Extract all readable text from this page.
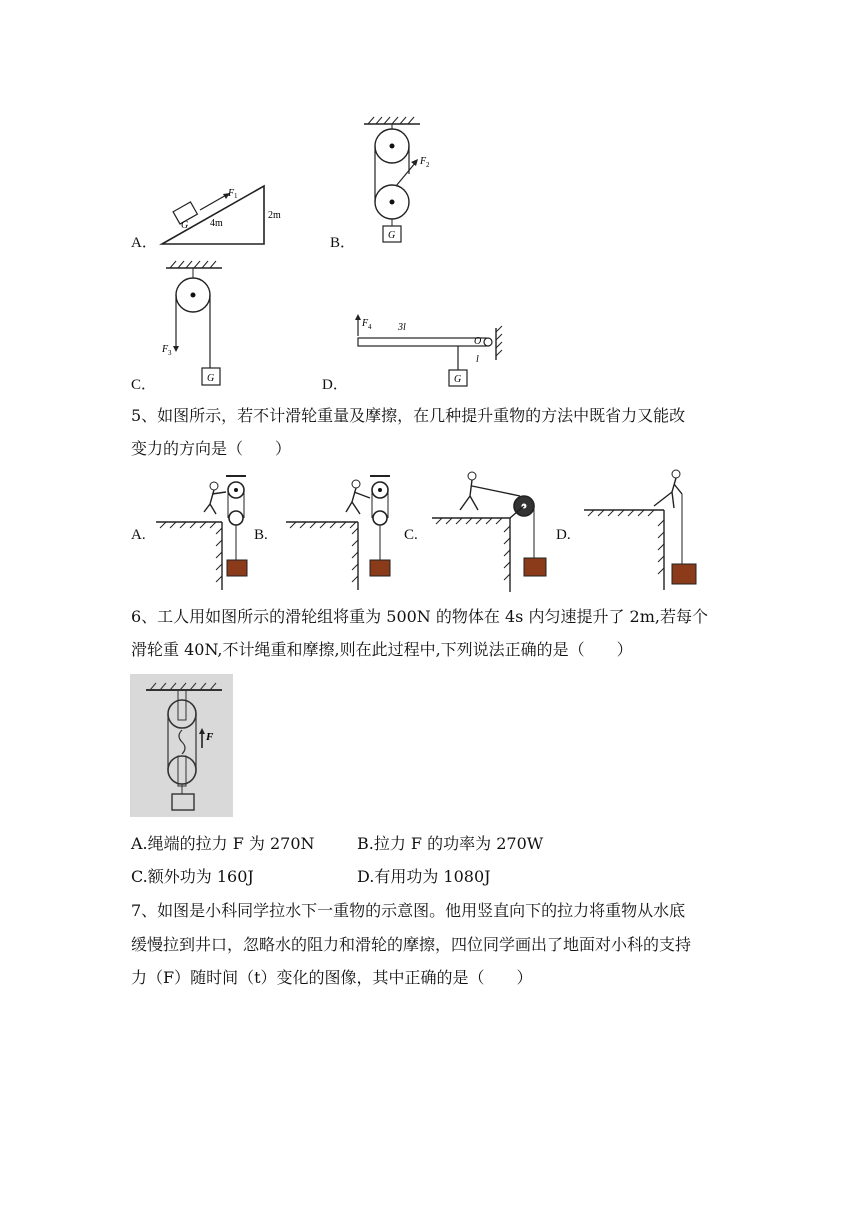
A．
G
F 1
4m
2m
B．
F 2
G
C．
F 3
G	D．
F 4	3l
O
l
G
5、如图所示，若不计滑轮重量及摩擦，在几种提升重物的方法中既省力又能改
变力的方向是（　　）
A.	B.	C.	D.
6、工人用如图所示的滑轮组将重为 500N 的物体在 4s 内匀速提升了 2m,若每个
滑轮重 40N,不计绳重和摩擦,则在此过程中,下列说法正确的是（　　）
F
A.绳端的拉力 F 为 270N	B.拉力 F 的功率为 270W
C.额外功为 160J	D.有用功为 1080J
7、如图是小科同学拉水下一重物的示意图。他用竖直向下的拉力将重物从水底
缓慢拉到井口，忽略水的阻力和滑轮的摩擦，四位同学画出了地面对小科的支持
力（F）随时间（t）变化的图像，其中正确的是（　　）
